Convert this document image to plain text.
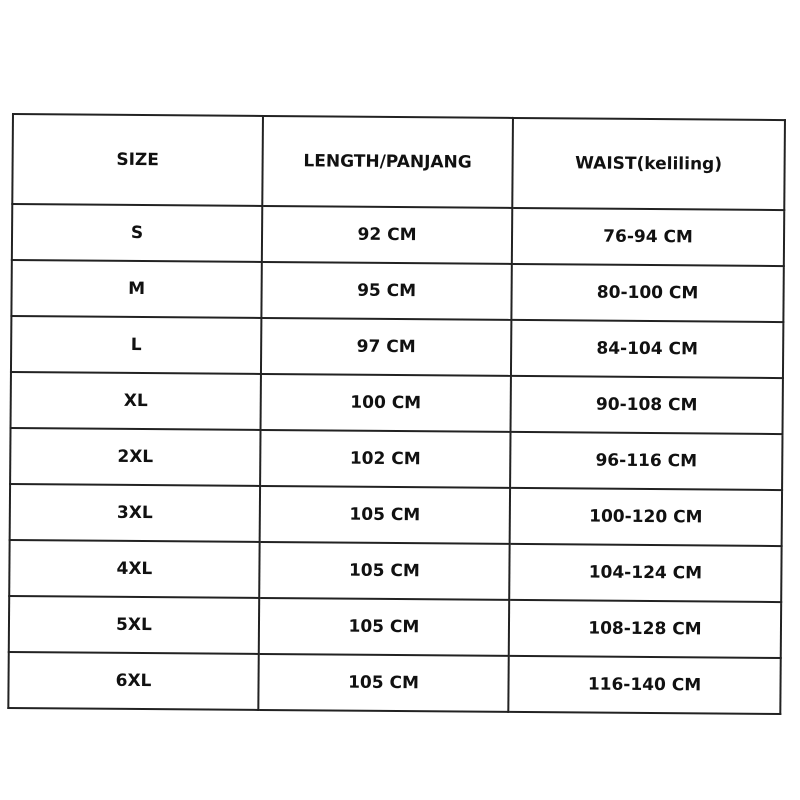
SIZE	LENGTH/PANJANG	WAIST(keliling)
S	92 CM	76-94 CM
M	95 CM	80-100 CM
L	97 CM	84-104 CM
XL	100 CM	90-108 CM
2XL	102 CM	96-116 CM
3XL	105 CM	100-120 CM
4XL	105 CM	104-124 CM
5XL	105 CM	108-128 CM
6XL	105 CM	116-140 CM
